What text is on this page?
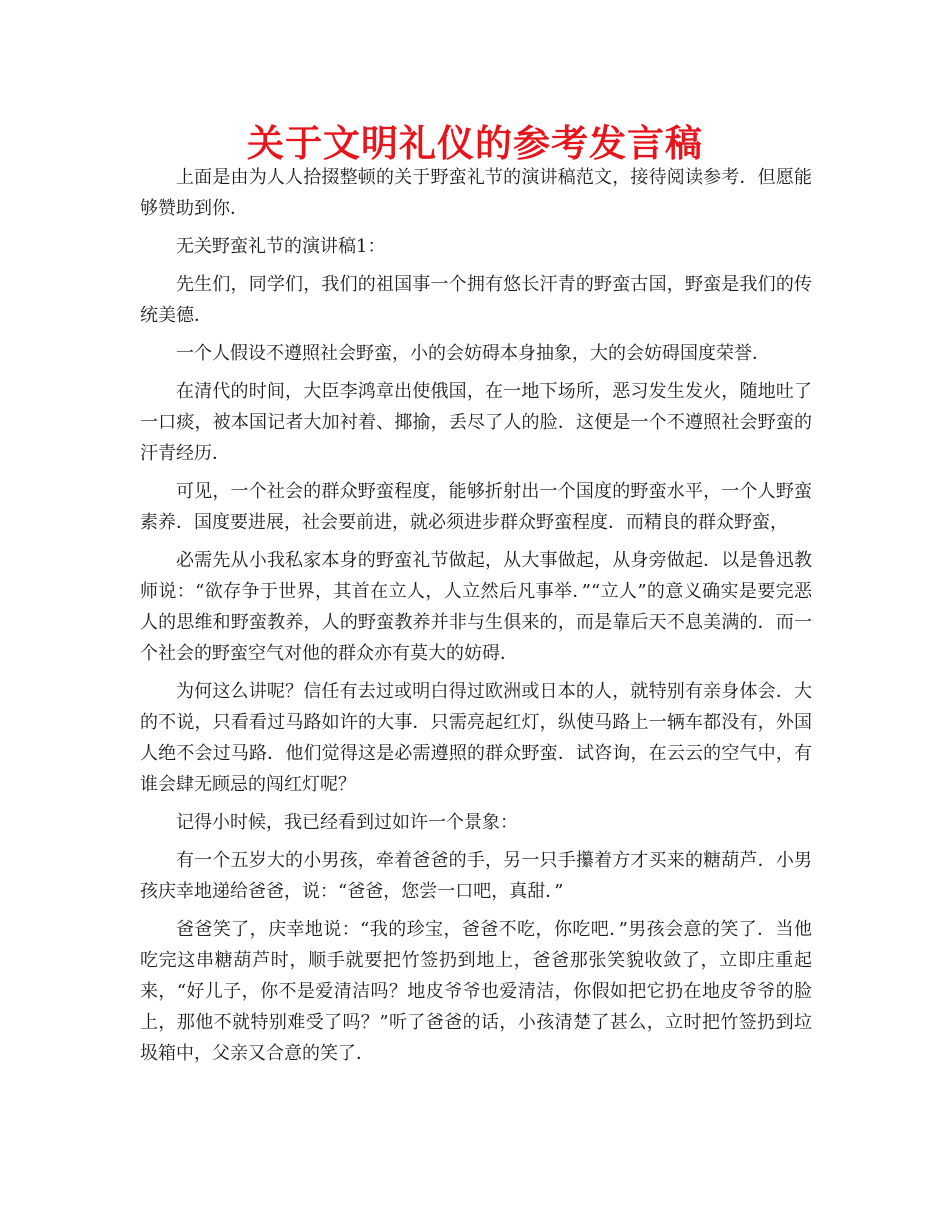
关于文明礼仪的参考发言稿

上面是由为人人拾掇整顿的关于野蛮礼节的演讲稿范文，接待阅读参考．但愿能够赞助到你．

无关野蛮礼节的演讲稿1：

先生们，同学们，我们的祖国事一个拥有悠长汗青的野蛮古国，野蛮是我们的传统美德．

一个人假设不遵照社会野蛮，小的会妨碍本身抽象，大的会妨碍国度荣誉．

在清代的时间，大臣李鸿章出使俄国，在一地下场所，恶习发生发火，随地吐了一口痰，被本国记者大加衬着、揶揄，丢尽了人的脸．这便是一个不遵照社会野蛮的汗青经历．

可见，一个社会的群众野蛮程度，能够折射出一个国度的野蛮水平，一个人野蛮素养．国度要进展，社会要前进，就必须进步群众野蛮程度．而精良的群众野蛮，

必需先从小我私家本身的野蛮礼节做起，从大事做起，从身旁做起．以是鲁迅教师说：“欲存争于世界，其首在立人，人立然后凡事举．”“立人”的意义确实是要完恶人的思维和野蛮教养，人的野蛮教养并非与生俱来的，而是靠后天不息美满的．而一个社会的野蛮空气对他的群众亦有莫大的妨碍．

为何这么讲呢？信任有去过或明白得过欧洲或日本的人，就特别有亲身体会．大的不说，只看看过马路如许的大事．只需亮起红灯，纵使马路上一辆车都没有，外国人绝不会过马路．他们觉得这是必需遵照的群众野蛮．试咨询，在云云的空气中，有谁会肆无顾忌的闯红灯呢？

记得小时候，我已经看到过如许一个景象：

有一个五岁大的小男孩，牵着爸爸的手，另一只手攥着方才买来的糖葫芦．小男孩庆幸地递给爸爸，说：“爸爸，您尝一口吧，真甜．”

爸爸笑了，庆幸地说：“我的珍宝，爸爸不吃，你吃吧．”男孩会意的笑了．当他吃完这串糖葫芦时，顺手就要把竹签扔到地上，爸爸那张笑貌收敛了，立即庄重起来，“好儿子，你不是爱清洁吗？地皮爷爷也爱清洁，你假如把它扔在地皮爷爷的脸上，那他不就特别难受了吗？”听了爸爸的话，小孩清楚了甚么，立时把竹签扔到垃圾箱中，父亲又合意的笑了．
